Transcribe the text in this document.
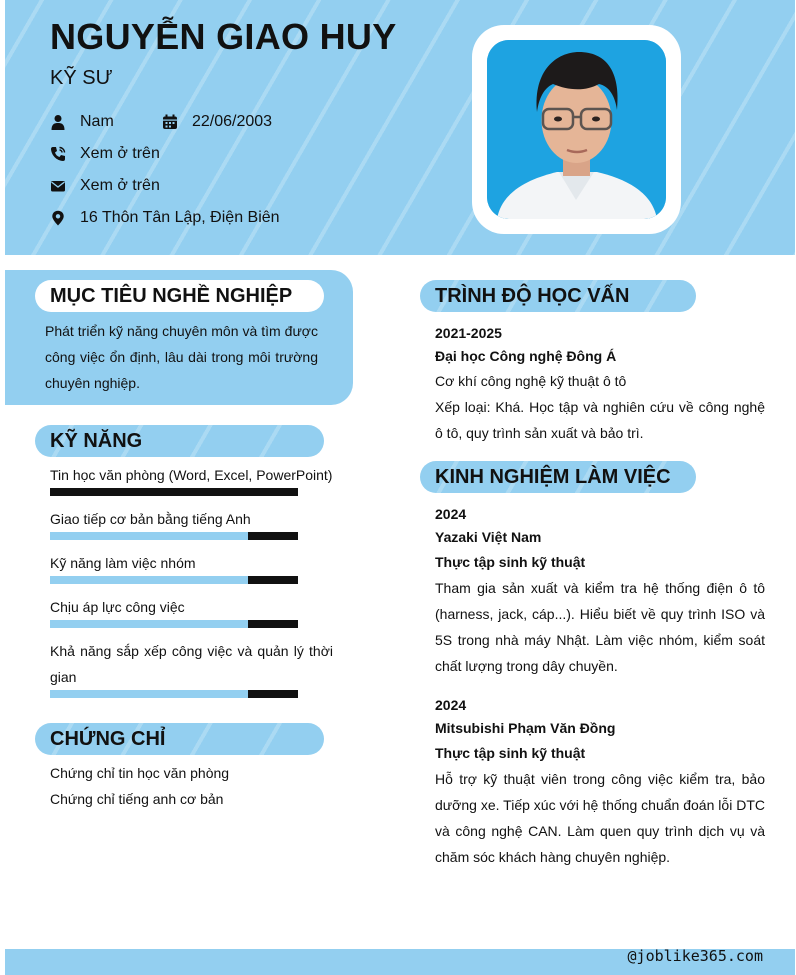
NGUYỄN GIAO HUY
KỸ SƯ
Nam	22/06/2003
Xem ở trên
Xem ở trên
16 Thôn Tân Lập, Điện Biên
MỤC TIÊU NGHỀ NGHIỆP
Phát triển kỹ năng chuyên môn và tìm được công việc ổn định, lâu dài trong môi trường chuyên nghiệp.
KỸ NĂNG
Tin học văn phòng (Word, Excel, PowerPoint)
Giao tiếp cơ bản bằng tiếng Anh
Kỹ năng làm việc nhóm
Chịu áp lực công việc
Khả năng sắp xếp công việc và quản lý thời gian
CHỨNG CHỈ
Chứng chỉ tin học văn phòng
Chứng chỉ tiếng anh cơ bản
TRÌNH ĐỘ HỌC VẤN
2021-2025
Đại học Công nghệ Đông Á
Cơ khí công nghệ kỹ thuật ô tô
Xếp loại: Khá. Học tập và nghiên cứu về công nghệ ô tô, quy trình sản xuất và bảo trì.
KINH NGHIỆM LÀM VIỆC
2024
Yazaki Việt Nam
Thực tập sinh kỹ thuật
Tham gia sản xuất và kiểm tra hệ thống điện ô tô (harness, jack, cáp...). Hiểu biết về quy trình ISO và 5S trong nhà máy Nhật. Làm việc nhóm, kiểm soát chất lượng trong dây chuyền.
2024
Mitsubishi Phạm Văn Đồng
Thực tập sinh kỹ thuật
Hỗ trợ kỹ thuật viên trong công việc kiểm tra, bảo dưỡng xe. Tiếp xúc với hệ thống chuẩn đoán lỗi DTC và công nghệ CAN. Làm quen quy trình dịch vụ và chăm sóc khách hàng chuyên nghiệp.
@joblike365.com
